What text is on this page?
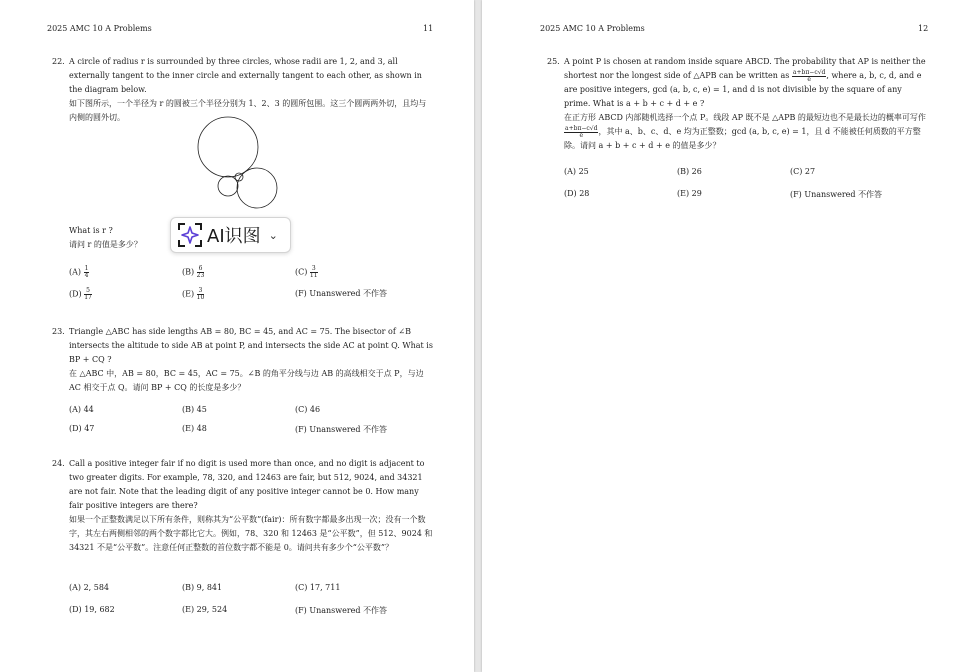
2025 AMC 10 A Problems	11
22. A circle of radius r is surrounded by three circles, whose radii are 1, 2, and 3, all externally tangent to the inner circle and externally tangent to each other, as shown in the diagram below.

如下图所示，一个半径为 r 的圆被三个半径分别为 1、2、3 的圆所包围。这三个圆两两外切，且均与内侧的圆外切。

What is r ?

请问 r 的值是多少？

$(A) \frac{1}{4}$	$(B) \frac{6}{23}$	$(C) \frac{3}{11}$
$(D) \frac{5}{17}$	$(E) \frac{3}{10}$	(F) Unanswered 不作答
23. Triangle △ABC has side lengths AB = 80, BC = 45, and AC = 75. The bisector of ∠B intersects the altitude to side AB at point P, and intersects the side AC at point Q. What is BP + CQ ?

在 △ABC 中，AB = 80，BC = 45，AC = 75。∠B 的角平分线与边 AB 的高线相交于点 P，与边 AC 相交于点 Q。请问 BP + CQ 的长度是多少？

(A) 44	(B) 45	(C) 46
(D) 47	(E) 48	(F) Unanswered 不作答
24. Call a positive integer fair if no digit is used more than once, and no digit is adjacent to two greater digits. For example, 78, 320, and 12463 are fair, but 512, 9024, and 34321 are not fair. Note that the leading digit of any positive integer cannot be 0. How many fair positive integers are there?

如果一个正整数满足以下所有条件，则称其为“公平数”(fair)：所有数字都最多出现一次；没有一个数字，其左右两侧相邻的两个数字都比它大。例如，78、320 和 12463 是“公平数”，但 512、9024 和 34321 不是“公平数”。注意任何正整数的首位数字都不能是 0。请问共有多少个“公平数”？

(A) 2, 584	(B) 9, 841	(C) 17, 711
(D) 19, 682	(E) 29, 524	(F) Unanswered 不作答
AI识图 ⌄
2025 AMC 10 A Problems	12
25. A point P is chosen at random inside square ABCD. The probability that AP is neither the shortest nor the longest side of △APB can be written as $\frac{a+b\pi-c√d}{e}$ , where a, b, c, d, and e are positive integers, gcd (a, b, c, e) = 1, and d is not divisible by the square of any prime. What is a + b + c + d + e ?

在正方形 ABCD 内部随机选择一个点 P。线段 AP 既不是 △APB 的最短边也不是最长边的概率可写作
$\frac{a+b\pi-c√d}{e}$ ，其中 a、b、c、d、e 均为正整数；gcd (a, b, c, e) = 1，且 d 不能被任何质数的平方整除。请问 a + b + c + d + e 的值是多少？

(A) 25	(B) 26	(C) 27
(D) 28	(E) 29	(F) Unanswered 不作答
